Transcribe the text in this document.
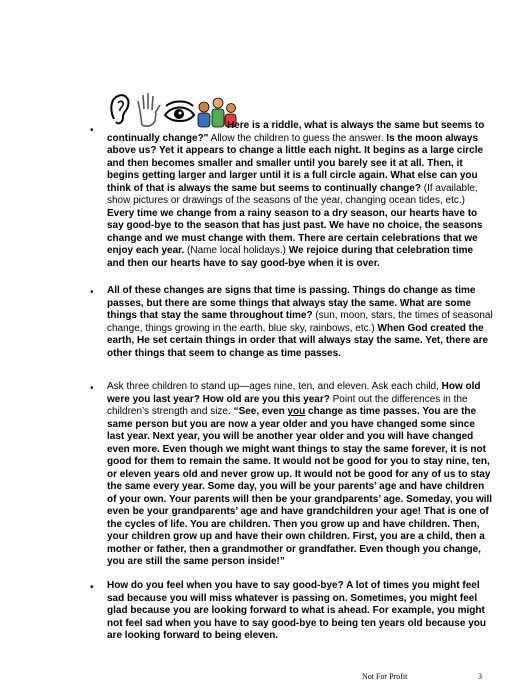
•	Here is a riddle, what is always the same but seems to continually change?" Allow the children to guess the answer. Is the moon always above us? Yet it appears to change a little each night. It begins as a large circle and then becomes smaller and smaller until you barely see it at all. Then, it begins getting larger and larger until it is a full circle again. What else can you think of that is always the same but seems to continually change? (If available, show pictures or drawings of the seasons of the year, changing ocean tides, etc.) Every time we change from a rainy season to a dry season, our hearts have to say good-bye to the season that has just past. We have no choice, the seasons change and we must change with them. There are certain celebrations that we enjoy each year. (Name local holidays.) We rejoice during that celebration time and then our hearts have to say good-bye when it is over.

• All of these changes are signs that time is passing. Things do change as time passes, but there are some things that always stay the same. What are some things that stay the same throughout time? (sun, moon, stars, the times of seasonal change, things growing in the earth, blue sky, rainbows, etc.) When God created the earth, He set certain things in order that will always stay the same. Yet, there are other things that seem to change as time passes.

• Ask three children to stand up—ages nine, ten, and eleven. Ask each child, How old were you last year? How old are you this year? Point out the differences in the children’s strength and size. “See, even you change as time passes. You are the same person but you are now a year older and you have changed some since last year. Next year, you will be another year older and you will have changed even more. Even though we might want things to stay the same forever, it is not good for them to remain the same. It would not be good for you to stay nine, ten, or eleven years old and never grow up. It would not be good for any of us to stay the same every year. Some day, you will be your parents’ age and have children of your own. Your parents will then be your grandparents’ age. Someday, you will even be your grandparents’ age and have grandchildren your age! That is one of the cycles of life. You are children. Then you grow up and have children. Then, your children grow up and have their own children. First, you are a child, then a mother or father, then a grandmother or grandfather. Even though you change, you are still the same person inside!”

• How do you feel when you have to say good-bye? A lot of times you might feel sad because you will miss whatever is passing on. Sometimes, you might feel glad because you are looking forward to what is ahead. For example, you might not feel sad when you have to say good-bye to being ten years old because you are looking forward to being eleven.

Not For Profit	3
